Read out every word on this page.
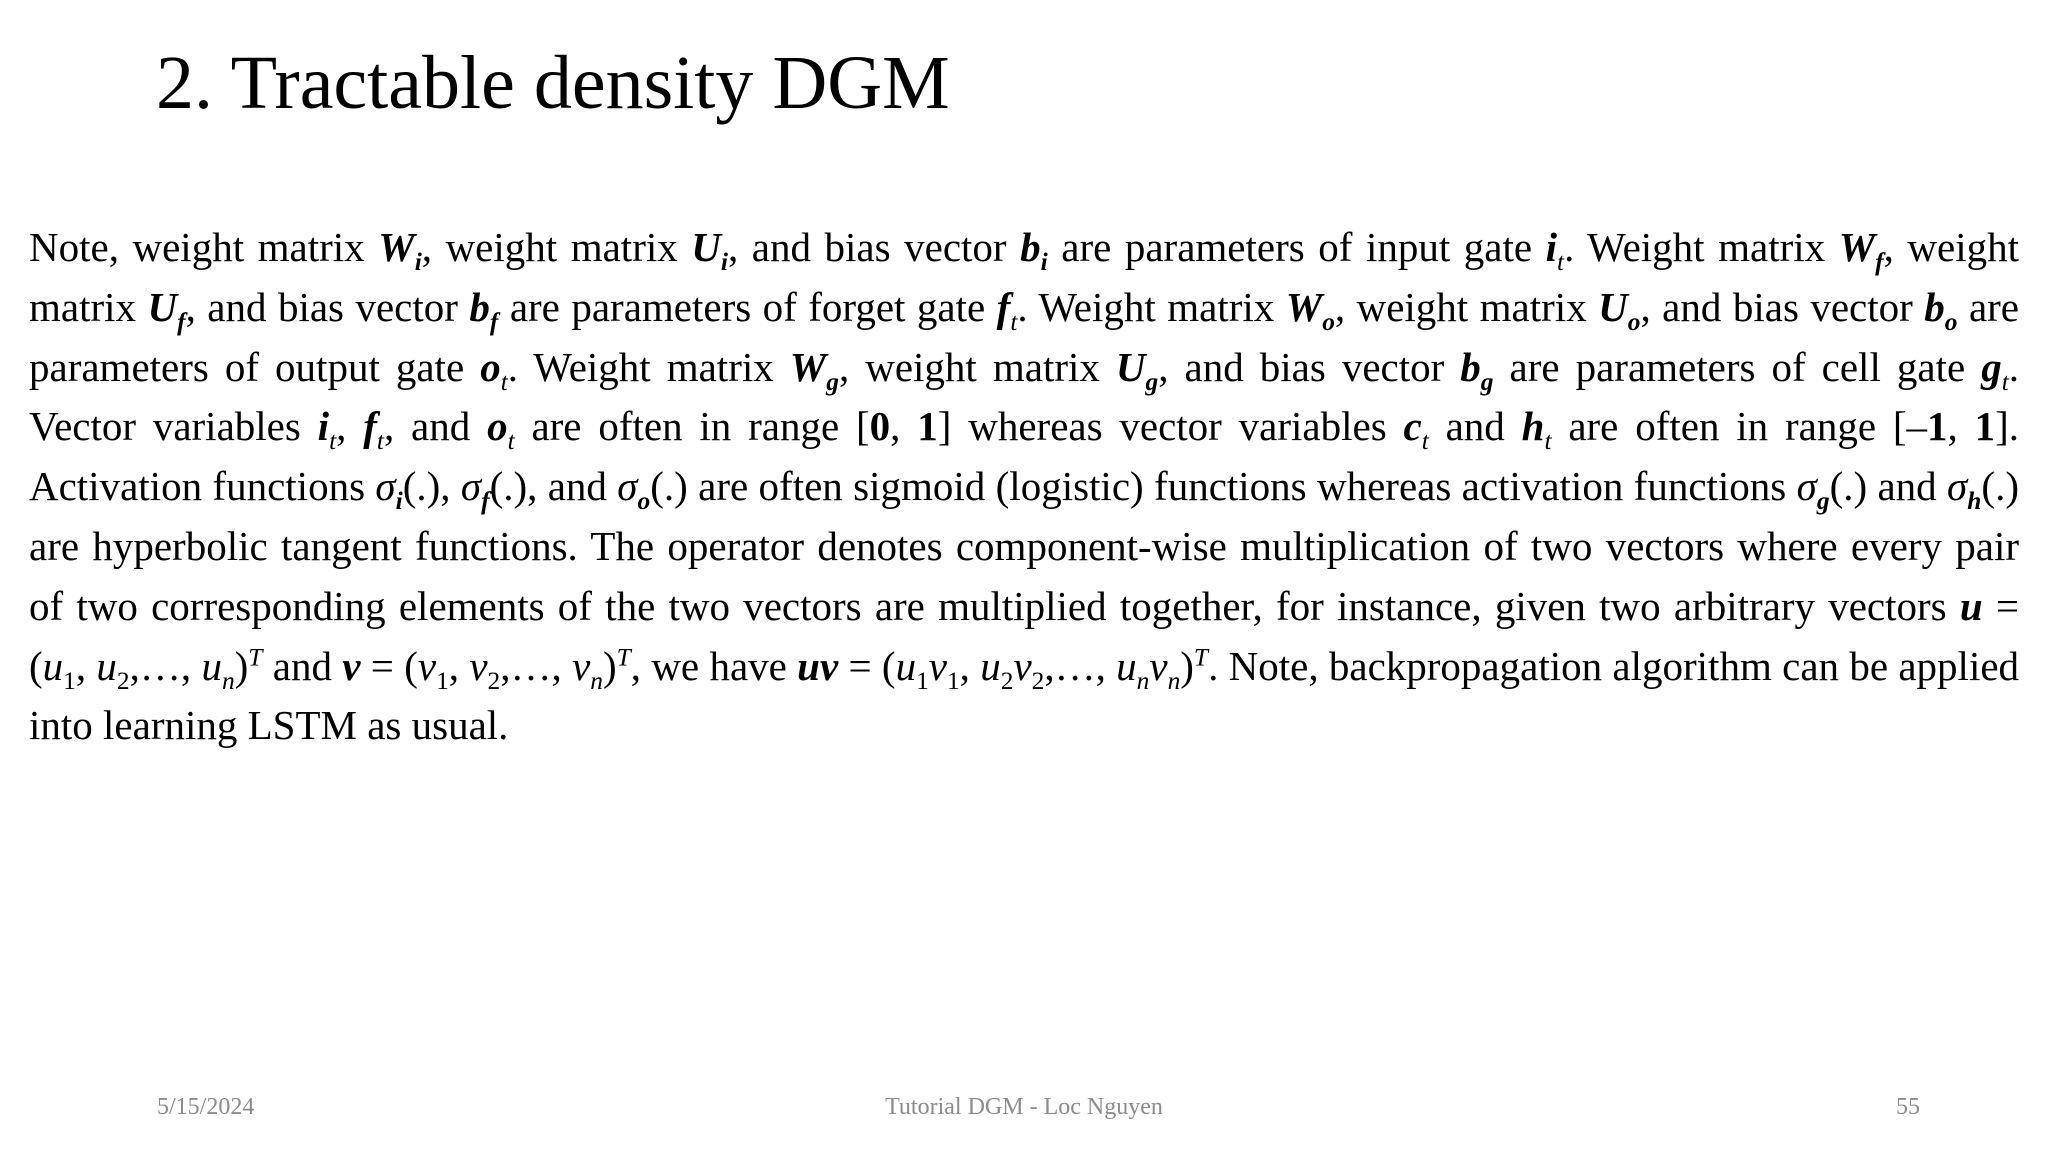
2. Tractable density DGM

Note, weight matrix $W_i$, weight matrix $U_i$, and bias vector $b_i$ are parameters of input gate $i_t$. Weight matrix $W_f$, weight matrix $U_f$, and bias vector $b_f$ are parameters of forget gate $f_t$. Weight matrix $W_o$, weight matrix $U_o$, and bias vector $b_o$ are parameters of output gate $o_t$. Weight matrix $W_g$, weight matrix $U_g$, and bias vector $b_g$ are parameters of cell gate $g_t$. Vector variables $i_t$, $f_t$, and $o_t$ are often in range [0, 1] whereas vector variables $c_t$ and $h_t$ are often in range [–1, 1]. Activation functions $\sigma_i(.)$, $\sigma_f(.)$, and $\sigma_o(.)$ are often sigmoid (logistic) functions whereas activation functions $\sigma_g(.)$ and $\sigma_h(.)$ are hyperbolic tangent functions. The operator denotes component-wise multiplication of two vectors where every pair of two corresponding elements of the two vectors are multiplied together, for instance, given two arbitrary vectors $u = (u_1$, $u_2,\dots$, $u_n)^T$ and $v = (v_1$, $v_2,\dots$, $v_n)^T$, we have uv = ($u_1v_1$, $u_2v_2,\dots$, $u_nv_n)^T$. Note, backpropagation algorithm can be applied into learning LSTM as usual.

5/15/2024	Tutorial DGM - Loc Nguyen	55
